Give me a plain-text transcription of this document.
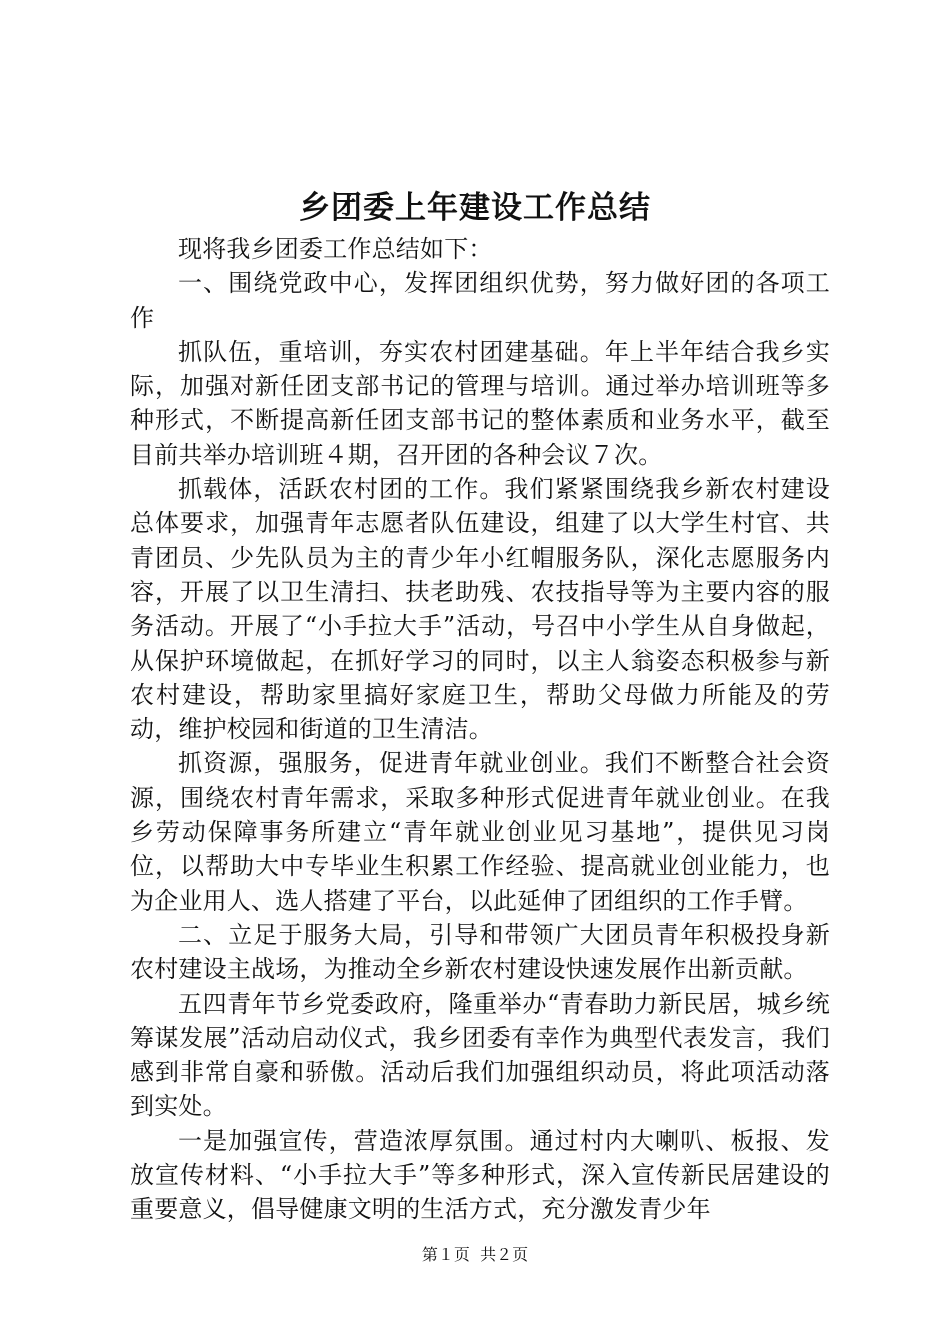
乡团委上年建设工作总结

现将我乡团委工作总结如下：

一、围绕党政中心，发挥团组织优势，努力做好团的各项工作

抓队伍，重培训，夯实农村团建基础。年上半年结合我乡实际，加强对新任团支部书记的管理与培训。通过举办培训班等多种形式，不断提高新任团支部书记的整体素质和业务水平，截至目前共举办培训班４期，召开团的各种会议７次。

抓载体，活跃农村团的工作。我们紧紧围绕我乡新农村建设总体要求，加强青年志愿者队伍建设，组建了以大学生村官、共青团员、少先队员为主的青少年小红帽服务队，深化志愿服务内容，开展了以卫生清扫、扶老助残、农技指导等为主要内容的服务活动。开展了“小手拉大手”活动，号召中小学生从自身做起，从保护环境做起，在抓好学习的同时，以主人翁姿态积极参与新农村建设，帮助家里搞好家庭卫生，帮助父母做力所能及的劳动，维护校园和街道的卫生清洁。

抓资源，强服务，促进青年就业创业。我们不断整合社会资源，围绕农村青年需求，采取多种形式促进青年就业创业。在我乡劳动保障事务所建立“青年就业创业见习基地”，提供见习岗位，以帮助大中专毕业生积累工作经验、提高就业创业能力，也为企业用人、选人搭建了平台，以此延伸了团组织的工作手臂。

二、立足于服务大局，引导和带领广大团员青年积极投身新农村建设主战场，为推动全乡新农村建设快速发展作出新贡献。

五四青年节乡党委政府，隆重举办“青春助力新民居，城乡统筹谋发展”活动启动仪式，我乡团委有幸作为典型代表发言，我们感到非常自豪和骄傲。活动后我们加强组织动员，将此项活动落到实处。

一是加强宣传，营造浓厚氛围。通过村内大喇叭、板报、发放宣传材料、“小手拉大手”等多种形式，深入宣传新民居建设的重要意义，倡导健康文明的生活方式，充分激发青少年

第１页  共２页
